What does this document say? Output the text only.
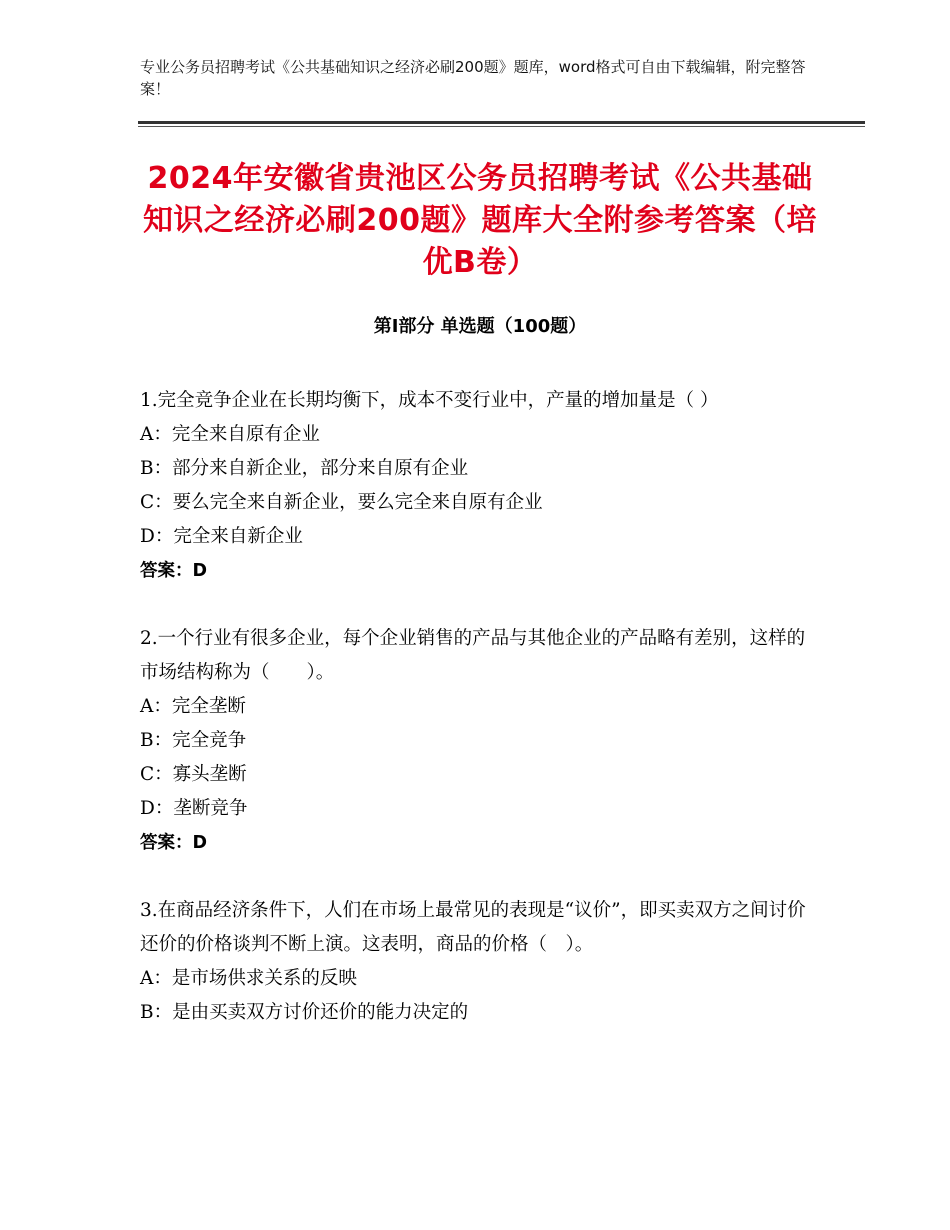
专业公务员招聘考试《公共基础知识之经济必刷200题》题库，word格式可自由下载编辑，附完整答案！
2024年安徽省贵池区公务员招聘考试《公共基础知识之经济必刷200题》题库大全附参考答案（培优B卷）
第Ⅰ部分 单选题（100题）
1.完全竞争企业在长期均衡下，成本不变行业中，产量的增加量是（ ）
A：完全来自原有企业
B：部分来自新企业，部分来自原有企业
C：要么完全来自新企业，要么完全来自原有企业
D：完全来自新企业
答案：D
2.一个行业有很多企业，每个企业销售的产品与其他企业的产品略有差别，这样的市场结构称为（　　）。
A：完全垄断
B：完全竞争
C：寡头垄断
D：垄断竞争
答案：D
3.在商品经济条件下，人们在市场上最常见的表现是“议价”，即买卖双方之间讨价还价的价格谈判不断上演。这表明，商品的价格（　）。
A：是市场供求关系的反映
B：是由买卖双方讨价还价的能力决定的
